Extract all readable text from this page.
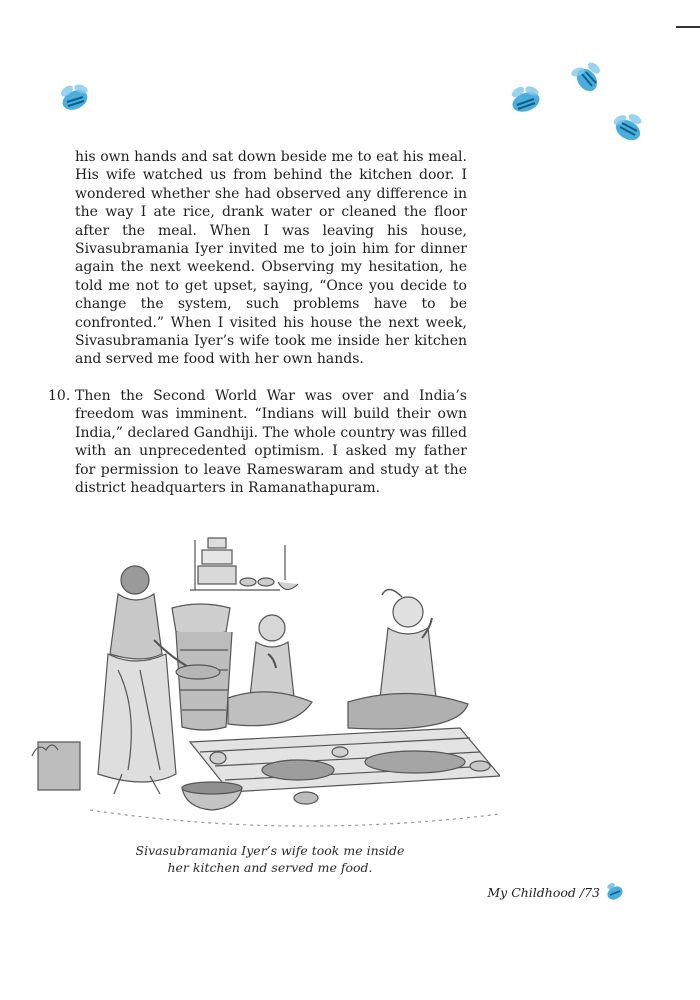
his own hands and sat down beside me to eat his meal. His wife watched us from behind the kitchen door. I wondered whether she had observed any difference in the way I ate rice, drank water or cleaned the floor after the meal. When I was leaving his house, Sivasubramania Iyer invited me to join him for dinner again the next weekend. Observing my hesitation, he told me not to get upset, saying, “Once you decide to change the system, such problems have to be confronted.” When I visited his house the next week, Sivasubramania Iyer’s wife took me inside her kitchen and served me food with her own hands.

10. Then the Second World War was over and India’s freedom was imminent. “Indians will build their own India,” declared Gandhiji. The whole country was filled with an unprecedented optimism. I asked my father for permission to leave Rameswaram and study at the district headquarters in Ramanathapuram.

Sivasubramania Iyer’s wife took me inside
her kitchen and served me food.
My Childhood /73
